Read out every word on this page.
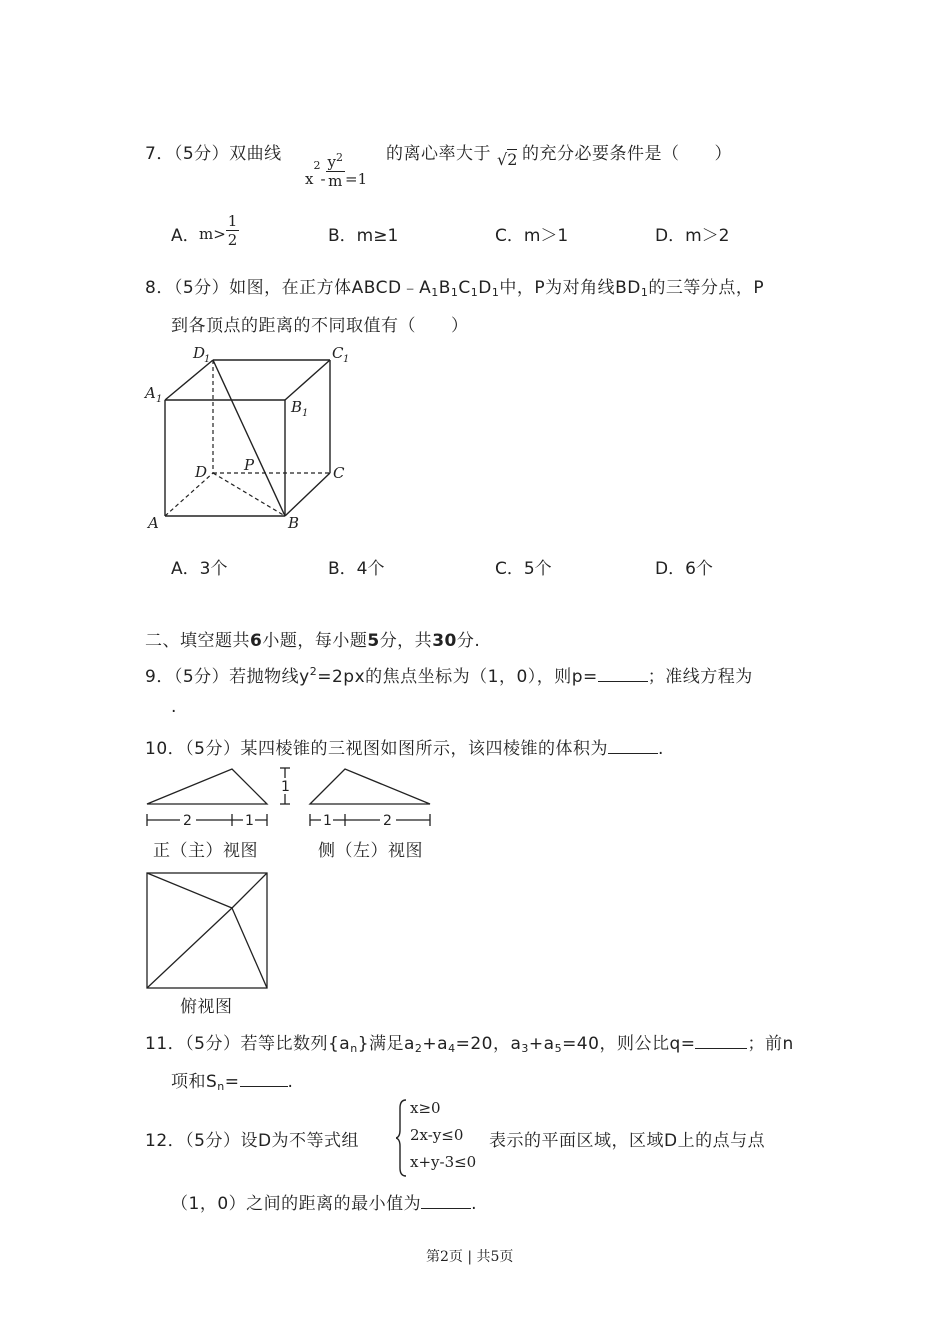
7．（5分）双曲线
$x_2- \frac{y^2}{m} =1$
的离心率大于 √2 的充分必要条件是（　　）
A． $m> \frac{1}{2}$	B．m≥1	C．m＞1	D．m＞2
8．（5分）如图，在正方体$ABCD﹣A_1B_1C_1D_1$中，P为对角线$BD_1$的三等分点，P
到各顶点的距离的不同取值有（　　）
D
1	C 1
A 1	B 1
D	C
P
A	B
A．3个	B．4个	C．5个	D．6个
二、填空题共6小题，每小题5分，共30分.
9．（5分）若抛物线$y^2=2px$的焦点坐标为（1，0），则p=	；准线方程为
.
10．（5分）某四棱锥的三视图如图所示，该四棱锥的体积为	.
2	1	1	2
1
正（主）视图	侧（左）视图
俯视图
11．（5分）若等比数列$\{a_n\}$满足$a_2+a_4=20$，$a_3+a_5=40$，则公比q=	；前n
项和$S_n=$	.
12．（5分）设D为不等式组
x≥0
2x-y≤0
x+y-3≤0
表示的平面区域，区域D上的点与点
（1，0）之间的距离的最小值为	.
第2页 | 共5页
